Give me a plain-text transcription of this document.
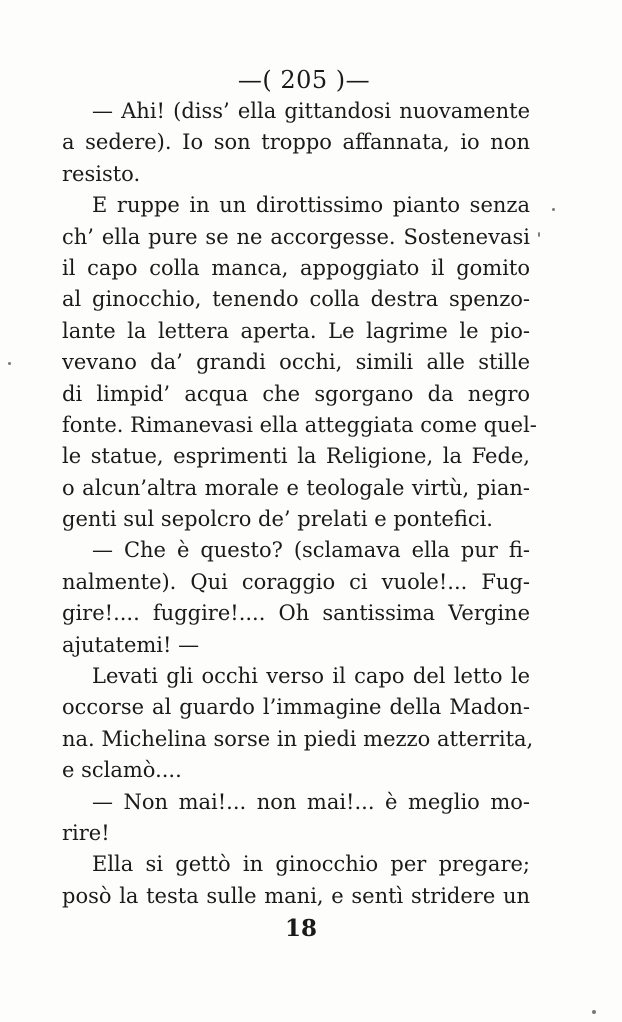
—( 205 )—
— Ahi! (diss’ ella gittandosi nuovamente
a sedere). Io son troppo affannata, io non
resisto.
E ruppe in un dirottissimo pianto senza
ch’ ella pure se ne accorgesse. Sostenevasi
il capo colla manca, appoggiato il gomito
al ginocchio, tenendo colla destra spenzo-
lante la lettera aperta. Le lagrime le pio-
vevano da’ grandi occhi, simili alle stille
di limpid’ acqua che sgorgano da negro
fonte. Rimanevasi ella atteggiata come quel-
le statue, esprimenti la Religione, la Fede,
o alcun’altra morale e teologale virtù, pian-
genti sul sepolcro de’ prelati e pontefici.
— Che è questo? (sclamava ella pur fi-
nalmente). Qui coraggio ci vuole!... Fug-
gire!.... fuggire!.... Oh santissima Vergine
ajutatemi! —
Levati gli occhi verso il capo del letto le
occorse al guardo l’immagine della Madon-
na. Michelina sorse in piedi mezzo atterrita,
e sclamò....
— Non mai!... non mai!... è meglio mo-
rire!
Ella si gettò in ginocchio per pregare;
posò la testa sulle mani, e sentì stridere un
18
